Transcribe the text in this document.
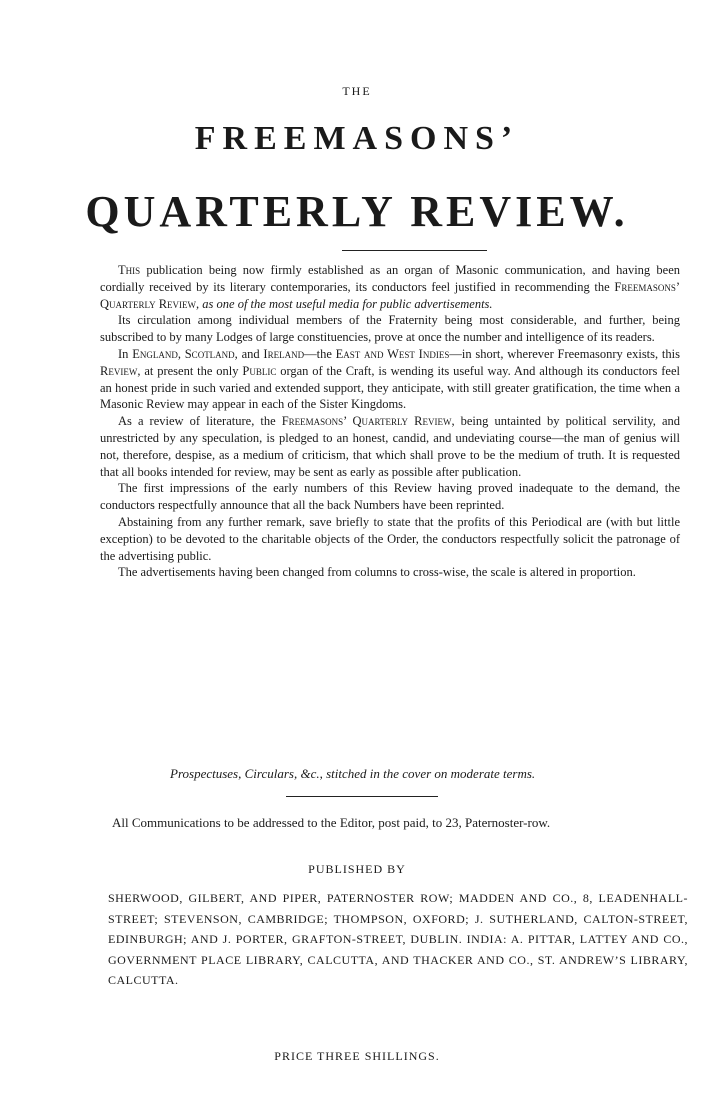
THE
FREEMASONS’
QUARTERLY REVIEW.

This publication being now firmly established as an organ of Masonic communication, and having been cordially received by its literary contemporaries, its conductors feel justified in recommending the Freemasons’ Quarterly Review, as one of the most useful media for public advertisements.

Its circulation among individual members of the Fraternity being most considerable, and further, being subscribed to by many Lodges of large constituencies, prove at once the number and intelligence of its readers.

In England, Scotland, and Ireland—the East and West Indies—in short, wherever Freemasonry exists, this Review, at present the only Public organ of the Craft, is wending its useful way. And although its conductors feel an honest pride in such varied and extended support, they anticipate, with still greater gratification, the time when a Masonic Review may appear in each of the Sister Kingdoms.

As a review of literature, the Freemasons’ Quarterly Review, being untainted by political servility, and unrestricted by any speculation, is pledged to an honest, candid, and undeviating course—the man of genius will not, therefore, despise, as a medium of criticism, that which shall prove to be the medium of truth. It is requested that all books intended for review, may be sent as early as possible after publication.

The first impressions of the early numbers of this Review having proved inadequate to the demand, the conductors respectfully announce that all the back Numbers have been reprinted.

Abstaining from any further remark, save briefly to state that the profits of this Periodical are (with but little exception) to be devoted to the charitable objects of the Order, the conductors respectfully solicit the patronage of the advertising public.

The advertisements having been changed from columns to cross-wise, the scale is altered in proportion.

Prospectuses, Circulars, &c., stitched in the cover on moderate terms.
All Communications to be addressed to the Editor, post paid, to 23, Paternoster-row.
PUBLISHED BY
SHERWOOD, GILBERT, AND PIPER, PATERNOSTER ROW; MADDEN AND CO., 8, LEADENHALL-STREET; STEVENSON, CAMBRIDGE; THOMPSON, OXFORD; J. SUTHERLAND, CALTON-STREET, EDINBURGH; AND J. PORTER, GRAFTON-STREET, DUBLIN. INDIA: A. PITTAR, LATTEY AND CO., GOVERNMENT PLACE LIBRARY, CALCUTTA, AND THACKER AND CO., ST. ANDREW’S LIBRARY, CALCUTTA.
PRICE THREE SHILLINGS.
